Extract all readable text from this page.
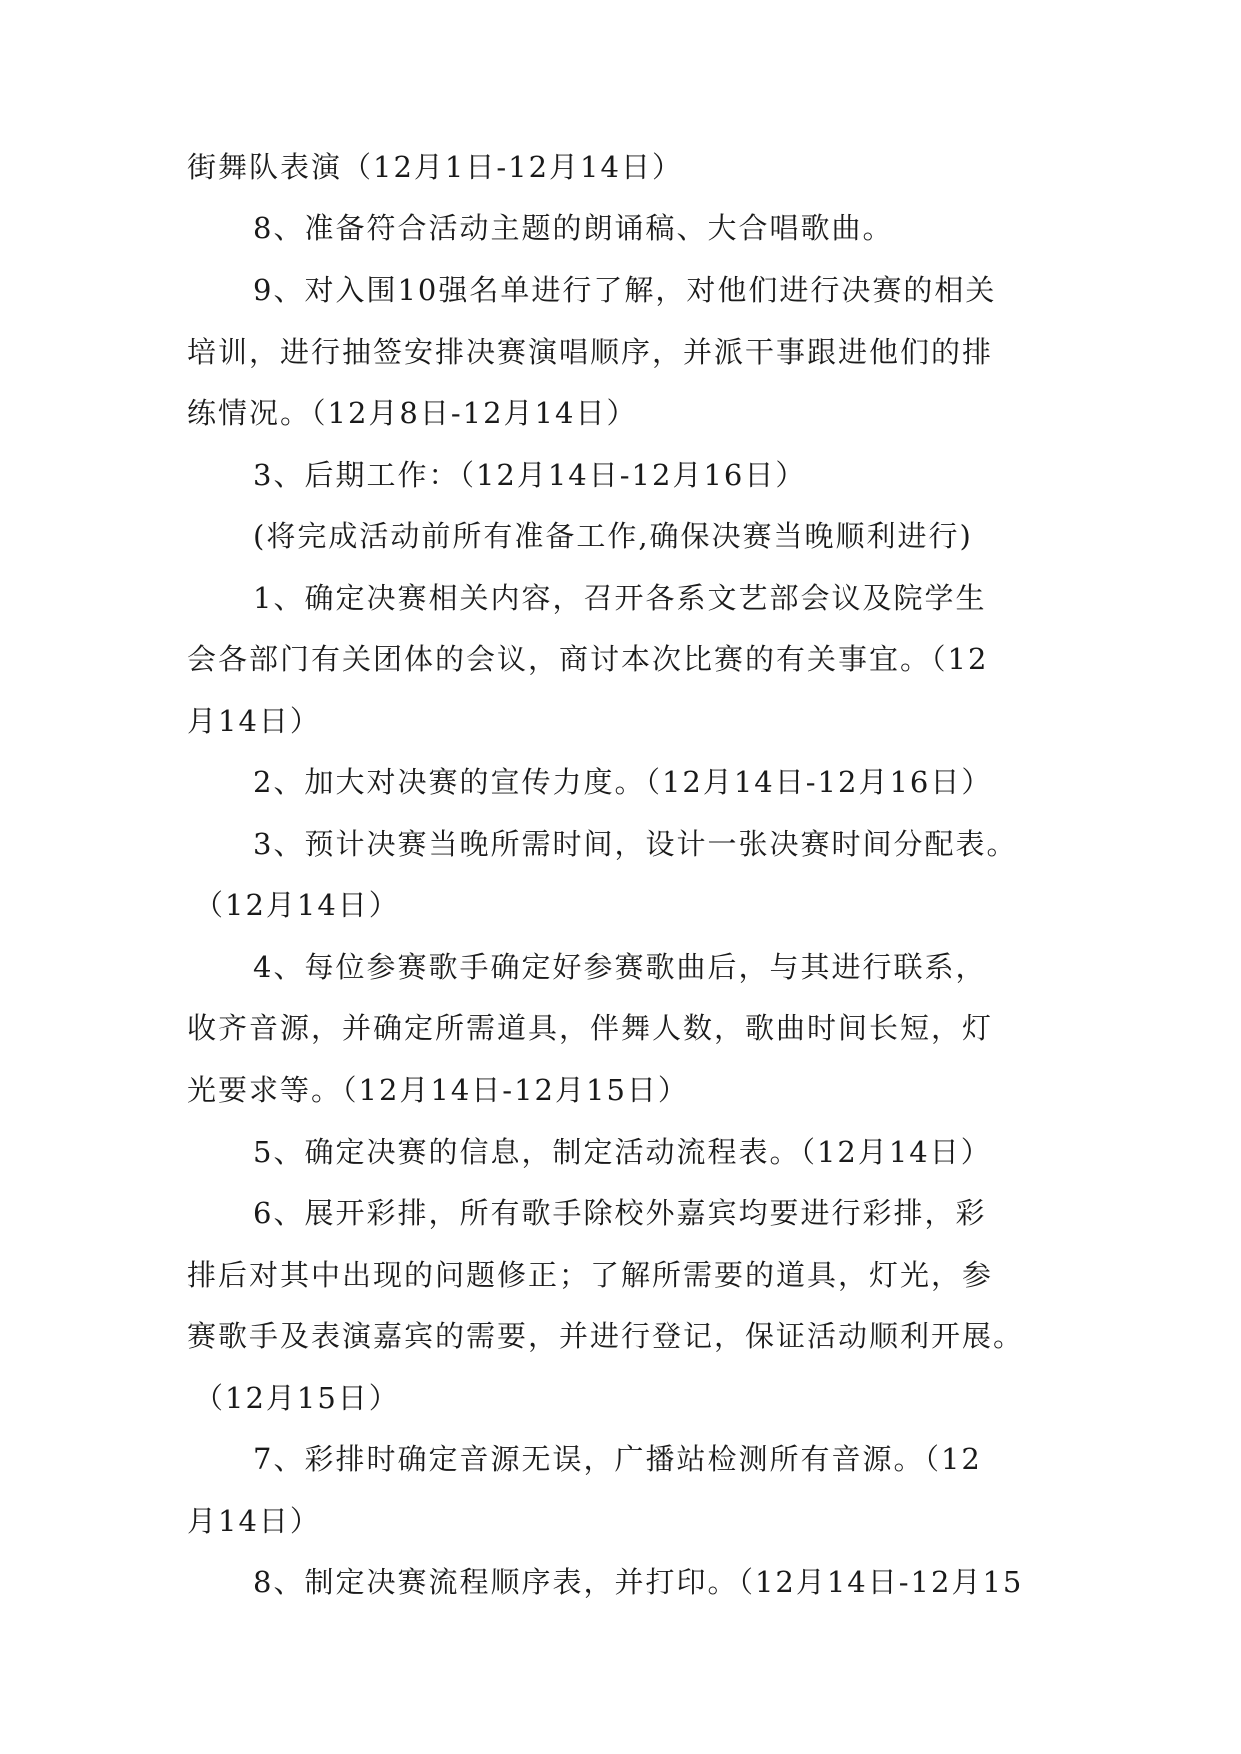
街舞队表演（12月1日-12月14日）
8、准备符合活动主题的朗诵稿、大合唱歌曲。
9、对入围10强名单进行了解，对他们进行决赛的相关
培训，进行抽签安排决赛演唱顺序，并派干事跟进他们的排
练情况。（12月8日-12月14日）
3、后期工作：（12月14日-12月16日）
(将完成活动前所有准备工作,确保决赛当晚顺利进行)
1、确定决赛相关内容，召开各系文艺部会议及院学生
会各部门有关团体的会议，商讨本次比赛的有关事宜。（12
月14日）
2、加大对决赛的宣传力度。（12月14日-12月16日）
3、预计决赛当晚所需时间，设计一张决赛时间分配表。
（12月14日）
4、每位参赛歌手确定好参赛歌曲后，与其进行联系，
收齐音源，并确定所需道具，伴舞人数，歌曲时间长短，灯
光要求等。（12月14日-12月15日）
5、确定决赛的信息，制定活动流程表。（12月14日）
6、展开彩排，所有歌手除校外嘉宾均要进行彩排，彩
排后对其中出现的问题修正；了解所需要的道具，灯光，参
赛歌手及表演嘉宾的需要，并进行登记，保证活动顺利开展。
（12月15日）
7、彩排时确定音源无误，广播站检测所有音源。（12
月14日）
8、制定决赛流程顺序表，并打印。（12月14日-12月15
